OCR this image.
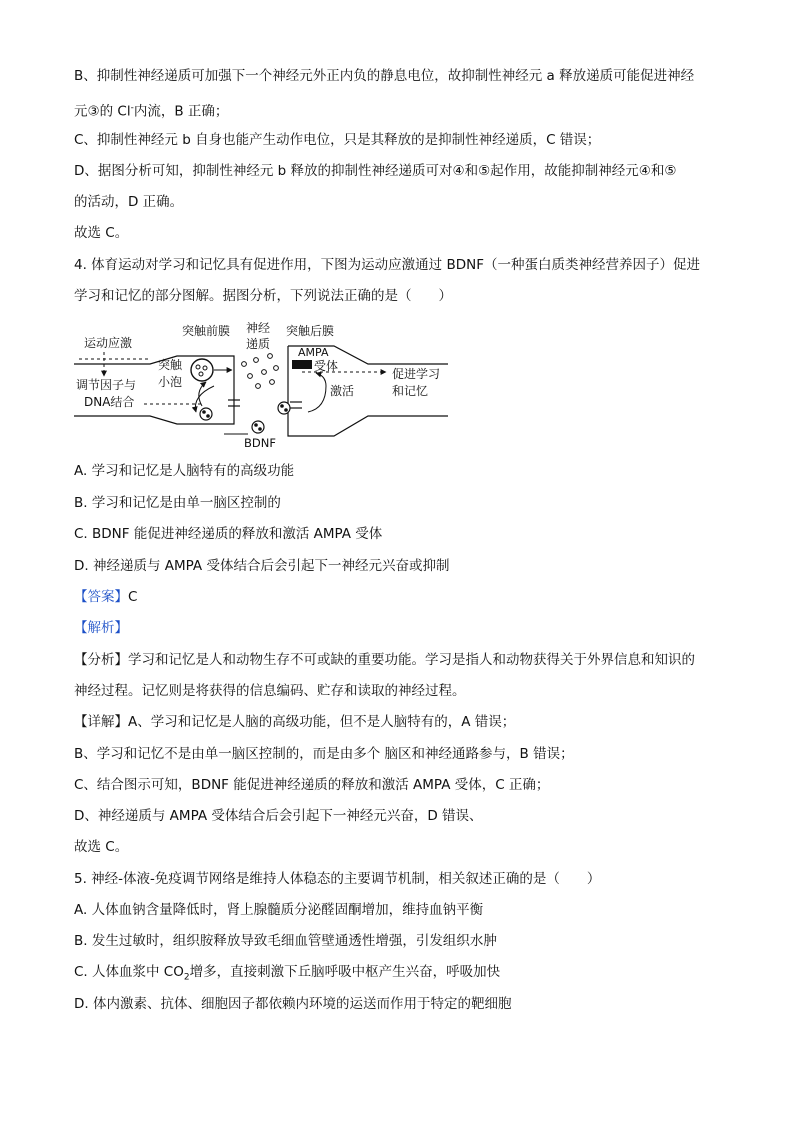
B、抑制性神经递质可加强下一个神经元外正内负的静息电位，故抑制性神经元 a 释放递质可能促进神经
元③的 Cl-内流，B 正确；
C、抑制性神经元 b 自身也能产生动作电位，只是其释放的是抑制性神经递质，C 错误；
D、据图分析可知，抑制性神经元 b 释放的抑制性神经递质可对④和⑤起作用，故能抑制神经元④和⑤
的活动，D 正确。
故选 C。
4. 体育运动对学习和记忆具有促进作用，下图为运动应激通过 BDNF（一种蛋白质类神经营养因子）促进
学习和记忆的部分图解。据图分析，下列说法正确的是（　　）
运动应激
调节因子与
DNA结合
突触前膜
突触
小泡
神经
递质
突触后膜
AMPA
受体
激活
促进学习
和记忆
BDNF
A. 学习和记忆是人脑特有的高级功能
B. 学习和记忆是由单一脑区控制的
C. BDNF 能促进神经递质的释放和激活 AMPA 受体
D. 神经递质与 AMPA 受体结合后会引起下一神经元兴奋或抑制
【答案】C
【解析】
【分析】学习和记忆是人和动物生存不可或缺的重要功能。学习是指人和动物获得关于外界信息和知识的
神经过程。记忆则是将获得的信息编码、贮存和读取的神经过程。
【详解】A、学习和记忆是人脑的高级功能，但不是人脑特有的，A 错误；
B、学习和记忆不是由单一脑区控制的，而是由多个 脑区和神经通路参与，B 错误；
C、结合图示可知，BDNF 能促进神经递质的释放和激活 AMPA 受体，C 正确；
D、神经递质与 AMPA 受体结合后会引起下一神经元兴奋，D 错误、
故选 C。
5. 神经-体液-免疫调节网络是维持人体稳态的主要调节机制，相关叙述正确的是（　　）
A. 人体血钠含量降低时，肾上腺髓质分泌醛固酮增加，维持血钠平衡
B. 发生过敏时，组织胺释放导致毛细血管壁通透性增强，引发组织水肿
C. 人体血浆中 $CO_2$增多，直接刺激下丘脑呼吸中枢产生兴奋，呼吸加快
D. 体内激素、抗体、细胞因子都依赖内环境的运送而作用于特定的靶细胞
